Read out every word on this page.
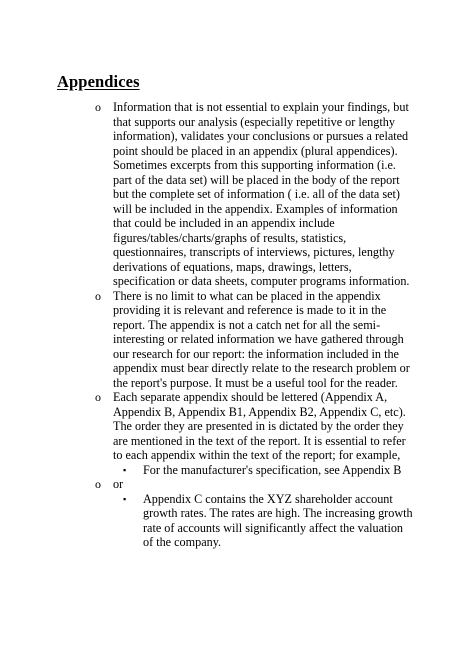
Appendices
o Information that is not essential to explain your findings, but that supports our analysis (especially repetitive or lengthy information), validates your conclusions or pursues a related point should be placed in an appendix (plural appendices). Sometimes excerpts from this supporting information (i.e. part of the data set) will be placed in the body of the report but the complete set of information ( i.e. all of the data set) will be included in the appendix. Examples of information that could be included in an appendix include figures/tables/charts/graphs of results, statistics, questionnaires, transcripts of interviews, pictures, lengthy derivations of equations, maps, drawings, letters, specification or data sheets, computer programs information.
o There is no limit to what can be placed in the appendix providing it is relevant and reference is made to it in the report. The appendix is not a catch net for all the semi-interesting or related information we have gathered through our research for our report: the information included in the appendix must bear directly relate to the research problem or the report's purpose. It must be a useful tool for the reader.
o Each separate appendix should be lettered (Appendix A, Appendix B, Appendix B1, Appendix B2, Appendix C, etc). The order they are presented in is dictated by the order they are mentioned in the text of the report. It is essential to refer to each appendix within the text of the report; for example,
▪ For the manufacturer's specification, see Appendix B
o or
▪ Appendix C contains the XYZ shareholder account growth rates. The rates are high. The increasing growth rate of accounts will significantly affect the valuation of the company.
